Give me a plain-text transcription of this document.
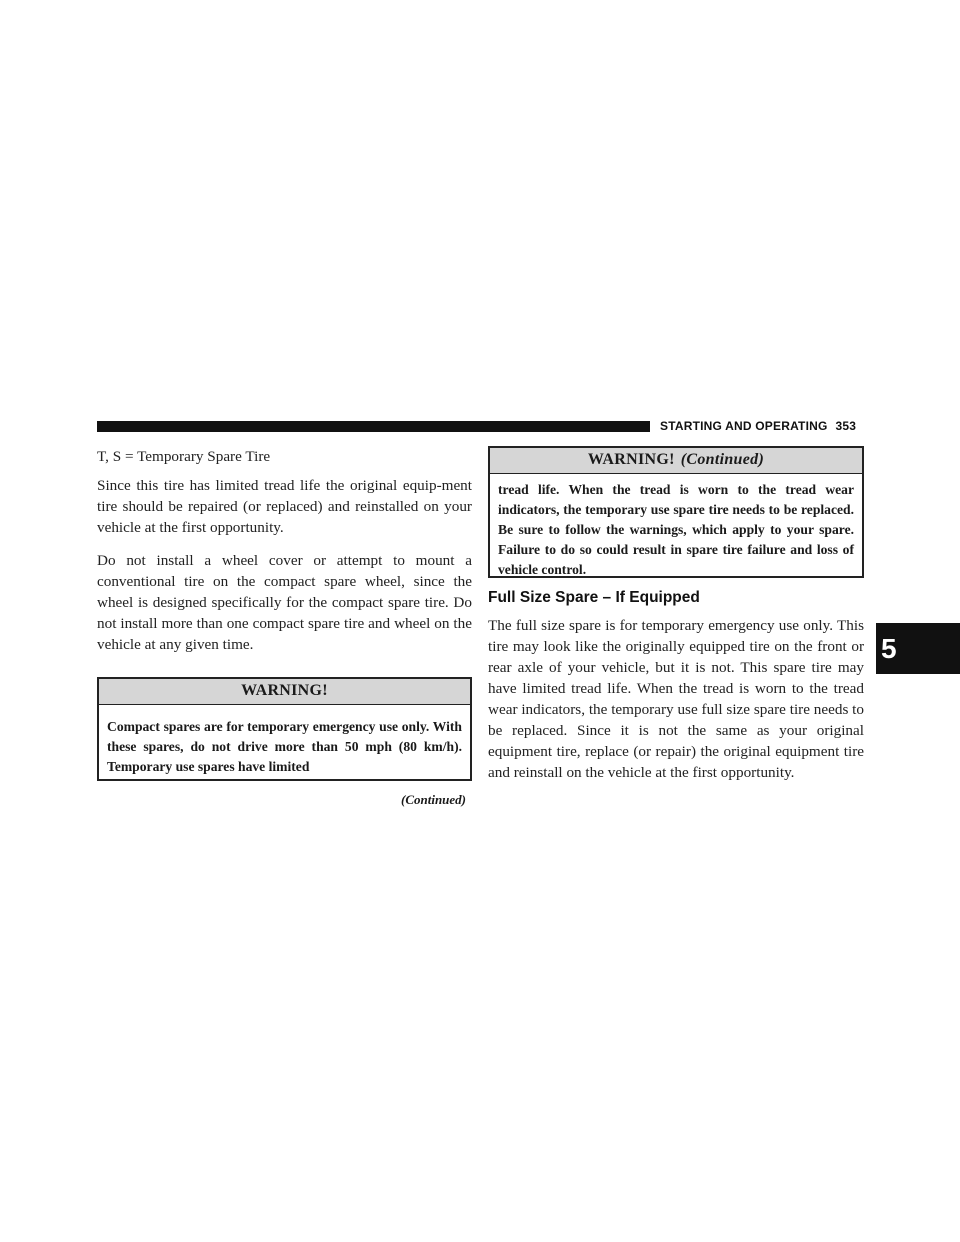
STARTING AND OPERATING 353

T, S = Temporary Spare Tire

Since this tire has limited tread life the original equip-ment tire should be repaired (or replaced) and reinstalled on your vehicle at the first opportunity.

Do not install a wheel cover or attempt to mount a conventional tire on the compact spare wheel, since the wheel is designed specifically for the compact spare tire. Do not install more than one compact spare tire and wheel on the vehicle at any given time.

WARNING!
Compact spares are for temporary emergency use only. With these spares, do not drive more than 50 mph (80 km/h). Temporary use spares have limited
(Continued)
WARNING! (Continued)
tread life. When the tread is worn to the tread wear indicators, the temporary use spare tire needs to be replaced. Be sure to follow the warnings, which apply to your spare. Failure to do so could result in spare tire failure and loss of vehicle control.
Full Size Spare – If Equipped

The full size spare is for temporary emergency use only. This tire may look like the originally equipped tire on the front or rear axle of your vehicle, but it is not. This spare tire may have limited tread life. When the tread is worn to the tread wear indicators, the temporary use full size spare tire needs to be replaced. Since it is not the same as your original equipment tire, replace (or repair) the original equipment tire and reinstall on the vehicle at the first opportunity.

5
